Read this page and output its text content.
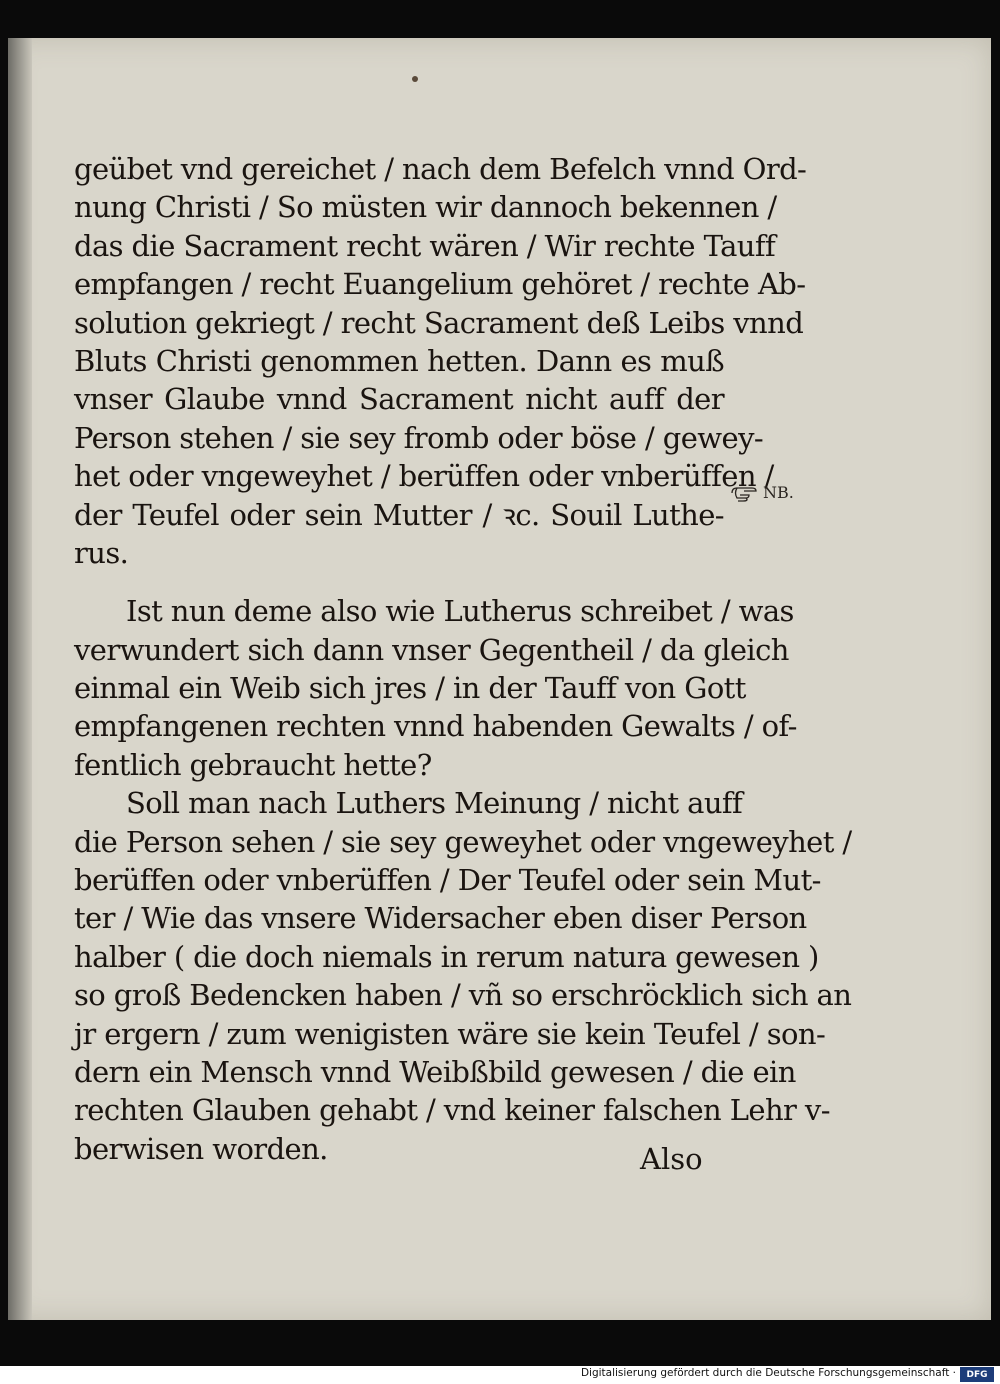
geübet vnd gereichet / nach dem Befelch vnnd Ord-
nung Christi / So müsten wir dannoch bekennen /
das die Sacrament recht wären / Wir rechte Tauff
empfangen / recht Euangelium gehöret / rechte Ab-
solution gekriegt / recht Sacrament deß Leibs vnnd
Bluts Christi genommen hetten. Dann es muß
vnser Glaube vnnd Sacrament nicht auff der
Person stehen / sie sey fromb oder böse / gewey-
het oder vngeweyhet / berüffen oder vnberüffen /
der Teufel oder sein Mutter / ꝛc. Souil Luthe-
rus.
Ist nun deme also wie Lutherus schreibet / was
verwundert sich dann vnser Gegentheil / da gleich
einmal ein Weib sich jres / in der Tauff von Gott
empfangenen rechten vnnd habenden Gewalts / of-
fentlich gebraucht hette?
Soll man nach Luthers Meinung / nicht auff
die Person sehen / sie sey geweyhet oder vngeweyhet /
berüffen oder vnberüffen / Der Teufel oder sein Mut-
ter / Wie das vnsere Widersacher eben diser Person
halber ( die doch niemals in rerum natura gewesen )
so groß Bedencken haben / vñ so erschröcklich sich an
jr ergern / zum wenigisten wäre sie kein Teufel / son-
dern ein Mensch vnnd Weibßbild gewesen / die ein
rechten Glauben gehabt / vnd keiner falschen Lehr v-
berwisen worden.
NB.
Also
Digitalisierung gefördert durch die Deutsche Forschungsgemeinschaft ·	DFG
